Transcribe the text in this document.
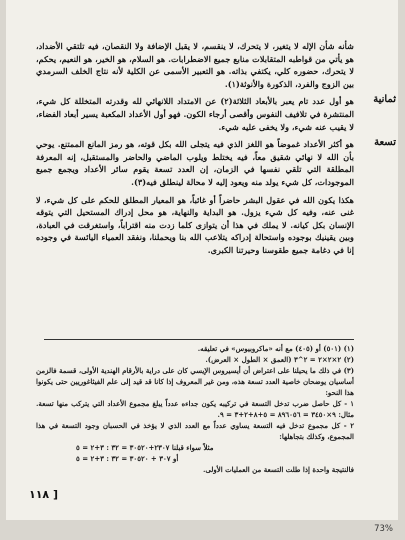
شأنه شأن الإله لا يتغير، لا يتحرك، لا ينقسم، لا يقبل الإضافة ولا النقصان، فيه تلتقي الأضداد، هو يأتي من قواطبه المتقابلات منابع جميع الاضطرابات. هو السلام، هو الخير، هو النعيم، يحكم، لا يتحرك، حضوره كلي، يكتفي بذاته. هو التعبير الأسمى عن الكلية لأنه نتاج الخلف السرمدي بين الزوج والفرد، الذكورة والأنوثة(١).

ثمانية

هو أول عدد تام يعبر بالأبعاد الثلاثة(٢) عن الامتداد اللانهائي لله وقدرته المتخللة كل شيء، المنتشرة في تلافيف النفوس وأقصى أرجاء الكون. فهو أول الأعداد المكعبة يسير أبعاد الفضاء، لا يقيب عنه شيء، ولا يخفى عليه شيء.

تسعة

هو أكثر الأعداد غموضاً هو اللغز الذي فيه يتجلى الله بكل قوته، هو رمز المانع الممتنع. يوحي بأن الله لا نهائي شقيق معاً، فيه يختلط ويلوب الماضي والحاضر والمستقبل، إنه المعرفة المطلقة التي تلقي نفسها في الزمان، إن العدد تسعة يقوم سائر الأعداد ويجمع جميع الموجودات، كل شيء يولد منه ويعود إليه لا محالة لينطلق فيه(٣).

هكذا يكون الله في عقول البشر حاضراً أو غائباً، هو المعيار المطلق للحكم على كل شيء، لا غنى عنه، وفيه كل شيء يزول. هو البداية والنهاية، هو محل إدراك المستحيل التي يتوقه الإنسان بكل كيانه. لا يملك في هذا أن يتوازى كلما زدت منه اقتراباً، واستغرقت في العبادة، وبين يقينيك بوجوده واستحالة إدراكه يتلاعب الله بنا ويحملنا، ونفقد العمياء اليائسة في وجوده إنا في دغامة جميع طقوسنا وحيرتنا الكبرى.

(١) (٥٠١) أو (٤٠٥) مع أنه «ماكروبيوس» في تعليقه.

(٢) ٢×٢×٢ = ٢^٣ (العمق × الطول × العرض).

(٣) في ذلك ما يحيلنا على اعتراض أن أيسيروس الإيسي كان على دراية بالأرقام الهندية الأولى، قسمة فالزمن أساسيان يوضحان خاصية العدد تسعة هذه، ومن غير المعروف إذا كانا قد قيد إلى علم الفيثاغوريين حتى يكونوا هذا النحو:

١ - كل حاصل ضرب تدخل التسعة في تركيبه يكون جداءه عدداً يبلغ مجموع الأعداد التي يتركب منها تسعة. مثال: ٩×٣٤٥٠ = ٨٩٦٠٥٦ = ٥+٨+٢+٣ = ٩.

٢ - كل مجموع تدخل فيه التسعة يساوي عدداً مع العدد الذي لا يؤخذ في الحسبان وجود التسعة في هذا المجموع، وكذلك بتجاهلها:

مثلاً سواء قبلنا ٢٣٠٧+٣٠٥٢٠ = ٣٢ : ٣+٢ = ٥

أو ٣٠٧ + ٣٠٥٢٠ = ٣٢ : ٣+٢ = ٥

فالنتيجة واحدة إذا طلت التسعة من العمليات الأولى.

١١٨ ]
73%
